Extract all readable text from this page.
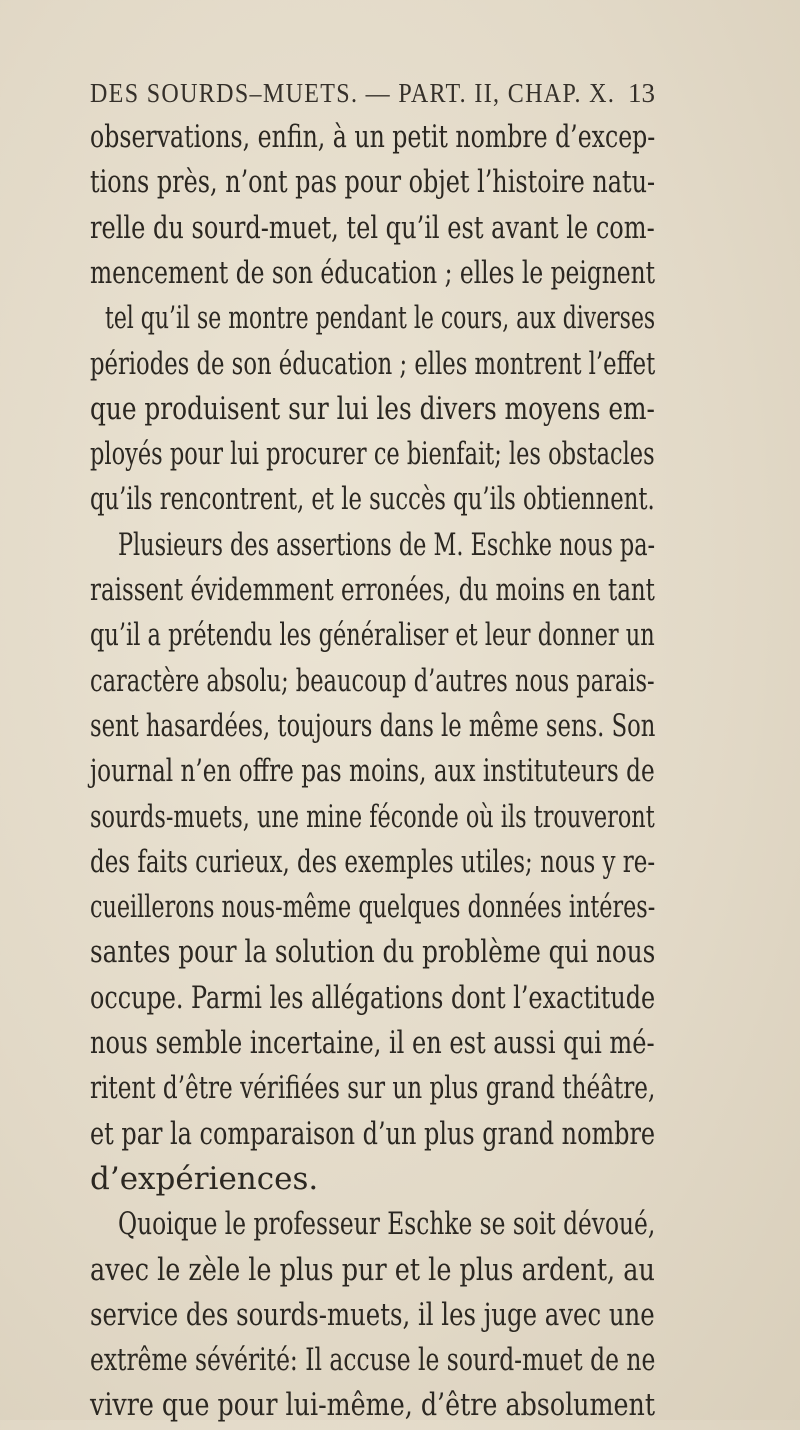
DES SOURDS–MUETS. — PART. II, CHAP. X. 13
observations, enfin, à un petit nombre d’excep-
tions près, n’ont pas pour objet l’histoire natu-
relle du sourd-muet, tel qu’il est avant le com-
mencement de son éducation ; elles le peignent
tel qu’il se montre pendant le cours, aux diverses
périodes de son éducation ; elles montrent l’effet
que produisent sur lui les divers moyens em-
ployés pour lui procurer ce bienfait; les obstacles
qu’ils rencontrent, et le succès qu’ils obtiennent.
Plusieurs des assertions de M. Eschke nous pa-
raissent évidemment erronées, du moins en tant
qu’il a prétendu les généraliser et leur donner un
caractère absolu; beaucoup d’autres nous parais-
sent hasardées, toujours dans le même sens. Son
journal n’en offre pas moins, aux instituteurs de
sourds-muets, une mine féconde où ils trouveront
des faits curieux, des exemples utiles; nous y re-
cueillerons nous-même quelques données intéres-
santes pour la solution du problème qui nous
occupe. Parmi les allégations dont l’exactitude
nous semble incertaine, il en est aussi qui mé-
ritent d’être vérifiées sur un plus grand théâtre,
et par la comparaison d’un plus grand nombre
d’expériences.
Quoique le professeur Eschke se soit dévoué,
avec le zèle le plus pur et le plus ardent, au
service des sourds-muets, il les juge avec une
extrême sévérité: Il accuse le sourd-muet de ne
vivre que pour lui-même, d’être absolument
